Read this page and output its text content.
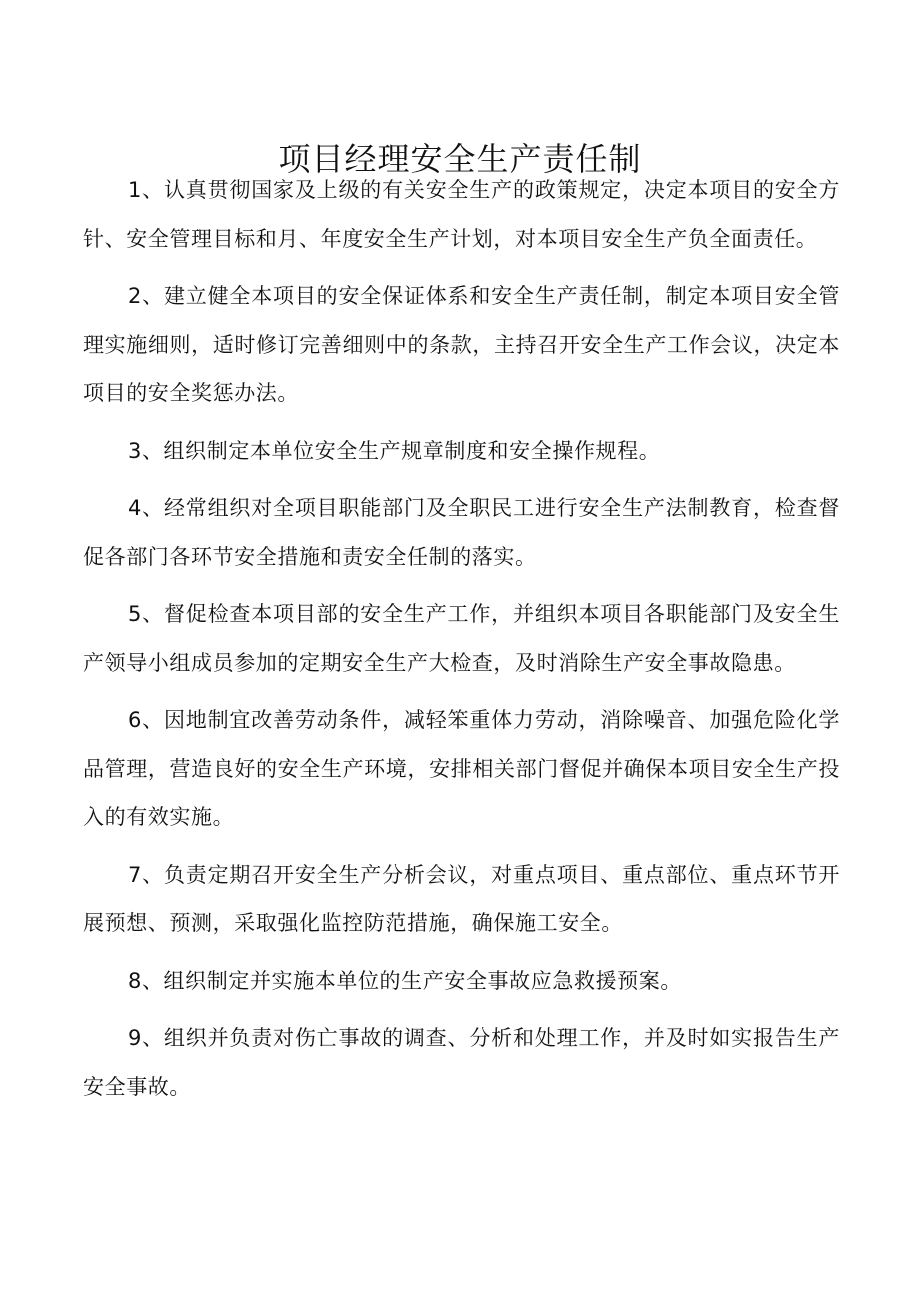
项目经理安全生产责任制

1、认真贯彻国家及上级的有关安全生产的政策规定，决定本项目的安全方针、安全管理目标和月、年度安全生产计划，对本项目安全生产负全面责任。

2、建立健全本项目的安全保证体系和安全生产责任制，制定本项目安全管理实施细则，适时修订完善细则中的条款，主持召开安全生产工作会议，决定本项目的安全奖惩办法。

3、组织制定本单位安全生产规章制度和安全操作规程。

4、经常组织对全项目职能部门及全职民工进行安全生产法制教育，检查督促各部门各环节安全措施和责安全任制的落实。

5、督促检查本项目部的安全生产工作，并组织本项目各职能部门及安全生产领导小组成员参加的定期安全生产大检查，及时消除生产安全事故隐患。

6、因地制宜改善劳动条件，减轻笨重体力劳动，消除噪音、加强危险化学品管理，营造良好的安全生产环境，安排相关部门督促并确保本项目安全生产投入的有效实施。

7、负责定期召开安全生产分析会议，对重点项目、重点部位、重点环节开展预想、预测，采取强化监控防范措施，确保施工安全。

8、组织制定并实施本单位的生产安全事故应急救援预案。

9、组织并负责对伤亡事故的调查、分析和处理工作，并及时如实报告生产安全事故。
